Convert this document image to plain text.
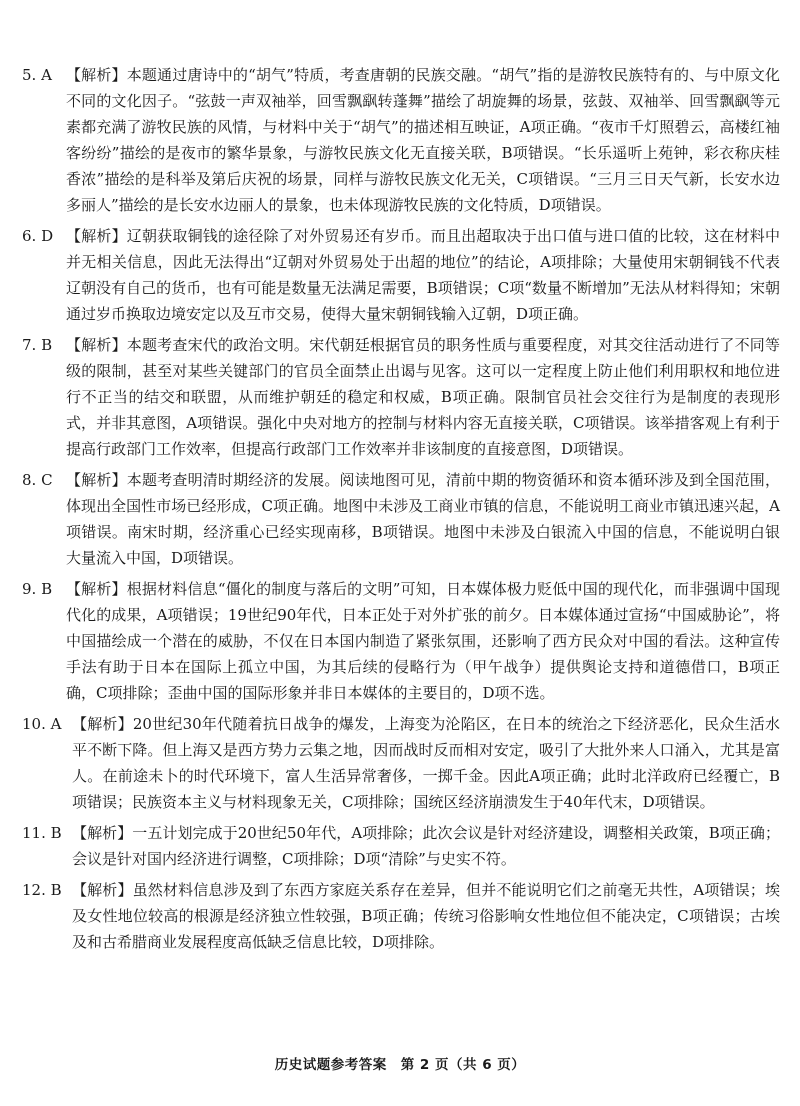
5. A 【解析】本题通过唐诗中的“胡气”特质，考查唐朝的民族交融。“胡气”指的是游牧民族特有的、与中原文化不同的文化因子。“弦鼓一声双袖举，回雪飘飖转蓬舞”描绘了胡旋舞的场景，弦鼓、双袖举、回雪飘飖等元素都充满了游牧民族的风情，与材料中关于“胡气”的描述相互映证，A项正确。“夜市千灯照碧云，高楼红袖客纷纷”描绘的是夜市的繁华景象，与游牧民族文化无直接关联，B项错误。“长乐遥听上苑钟，彩衣称庆桂香浓”描绘的是科举及第后庆祝的场景，同样与游牧民族文化无关，C项错误。“三月三日天气新，长安水边多丽人”描绘的是长安水边丽人的景象，也未体现游牧民族的文化特质，D项错误。
6. D 【解析】辽朝获取铜钱的途径除了对外贸易还有岁币。而且出超取决于出口值与进口值的比较，这在材料中并无相关信息，因此无法得出“辽朝对外贸易处于出超的地位”的结论，A项排除；大量使用宋朝铜钱不代表辽朝没有自己的货币，也有可能是数量无法满足需要，B项错误；C项“数量不断增加”无法从材料得知；宋朝通过岁币换取边境安定以及互市交易，使得大量宋朝铜钱输入辽朝，D项正确。
7. B 【解析】本题考查宋代的政治文明。宋代朝廷根据官员的职务性质与重要程度，对其交往活动进行了不同等级的限制，甚至对某些关键部门的官员全面禁止出谒与见客。这可以一定程度上防止他们利用职权和地位进行不正当的结交和联盟，从而维护朝廷的稳定和权威，B项正确。限制官员社会交往行为是制度的表现形式，并非其意图，A项错误。强化中央对地方的控制与材料内容无直接关联，C项错误。该举措客观上有利于提高行政部门工作效率，但提高行政部门工作效率并非该制度的直接意图，D项错误。
8. C 【解析】本题考查明清时期经济的发展。阅读地图可见，清前中期的物资循环和资本循环涉及到全国范围，体现出全国性市场已经形成，C项正确。地图中未涉及工商业市镇的信息，不能说明工商业市镇迅速兴起，A项错误。南宋时期，经济重心已经实现南移，B项错误。地图中未涉及白银流入中国的信息，不能说明白银大量流入中国，D项错误。
9. B 【解析】根据材料信息“僵化的制度与落后的文明”可知，日本媒体极力贬低中国的现代化，而非强调中国现代化的成果，A项错误；19世纪90年代，日本正处于对外扩张的前夕。日本媒体通过宣扬“中国威胁论”，将中国描绘成一个潜在的威胁，不仅在日本国内制造了紧张氛围，还影响了西方民众对中国的看法。这种宣传手法有助于日本在国际上孤立中国，为其后续的侵略行为（甲午战争）提供舆论支持和道德借口，B项正确，C项排除；歪曲中国的国际形象并非日本媒体的主要目的，D项不选。
10. A 【解析】20世纪30年代随着抗日战争的爆发，上海变为沦陷区，在日本的统治之下经济恶化，民众生活水平不断下降。但上海又是西方势力云集之地，因而战时反而相对安定，吸引了大批外来人口涌入，尤其是富人。在前途未卜的时代环境下，富人生活异常奢侈，一掷千金。因此A项正确；此时北洋政府已经覆亡，B项错误；民族资本主义与材料现象无关，C项排除；国统区经济崩溃发生于40年代末，D项错误。
11. B 【解析】一五计划完成于20世纪50年代，A项排除；此次会议是针对经济建设，调整相关政策，B项正确；会议是针对国内经济进行调整，C项排除；D项“清除”与史实不符。
12. B 【解析】虽然材料信息涉及到了东西方家庭关系存在差异，但并不能说明它们之前毫无共性，A项错误；埃及女性地位较高的根源是经济独立性较强，B项正确；传统习俗影响女性地位但不能决定，C项错误；古埃及和古希腊商业发展程度高低缺乏信息比较，D项排除。
历史试题参考答案　第 2 页（共 6 页）
